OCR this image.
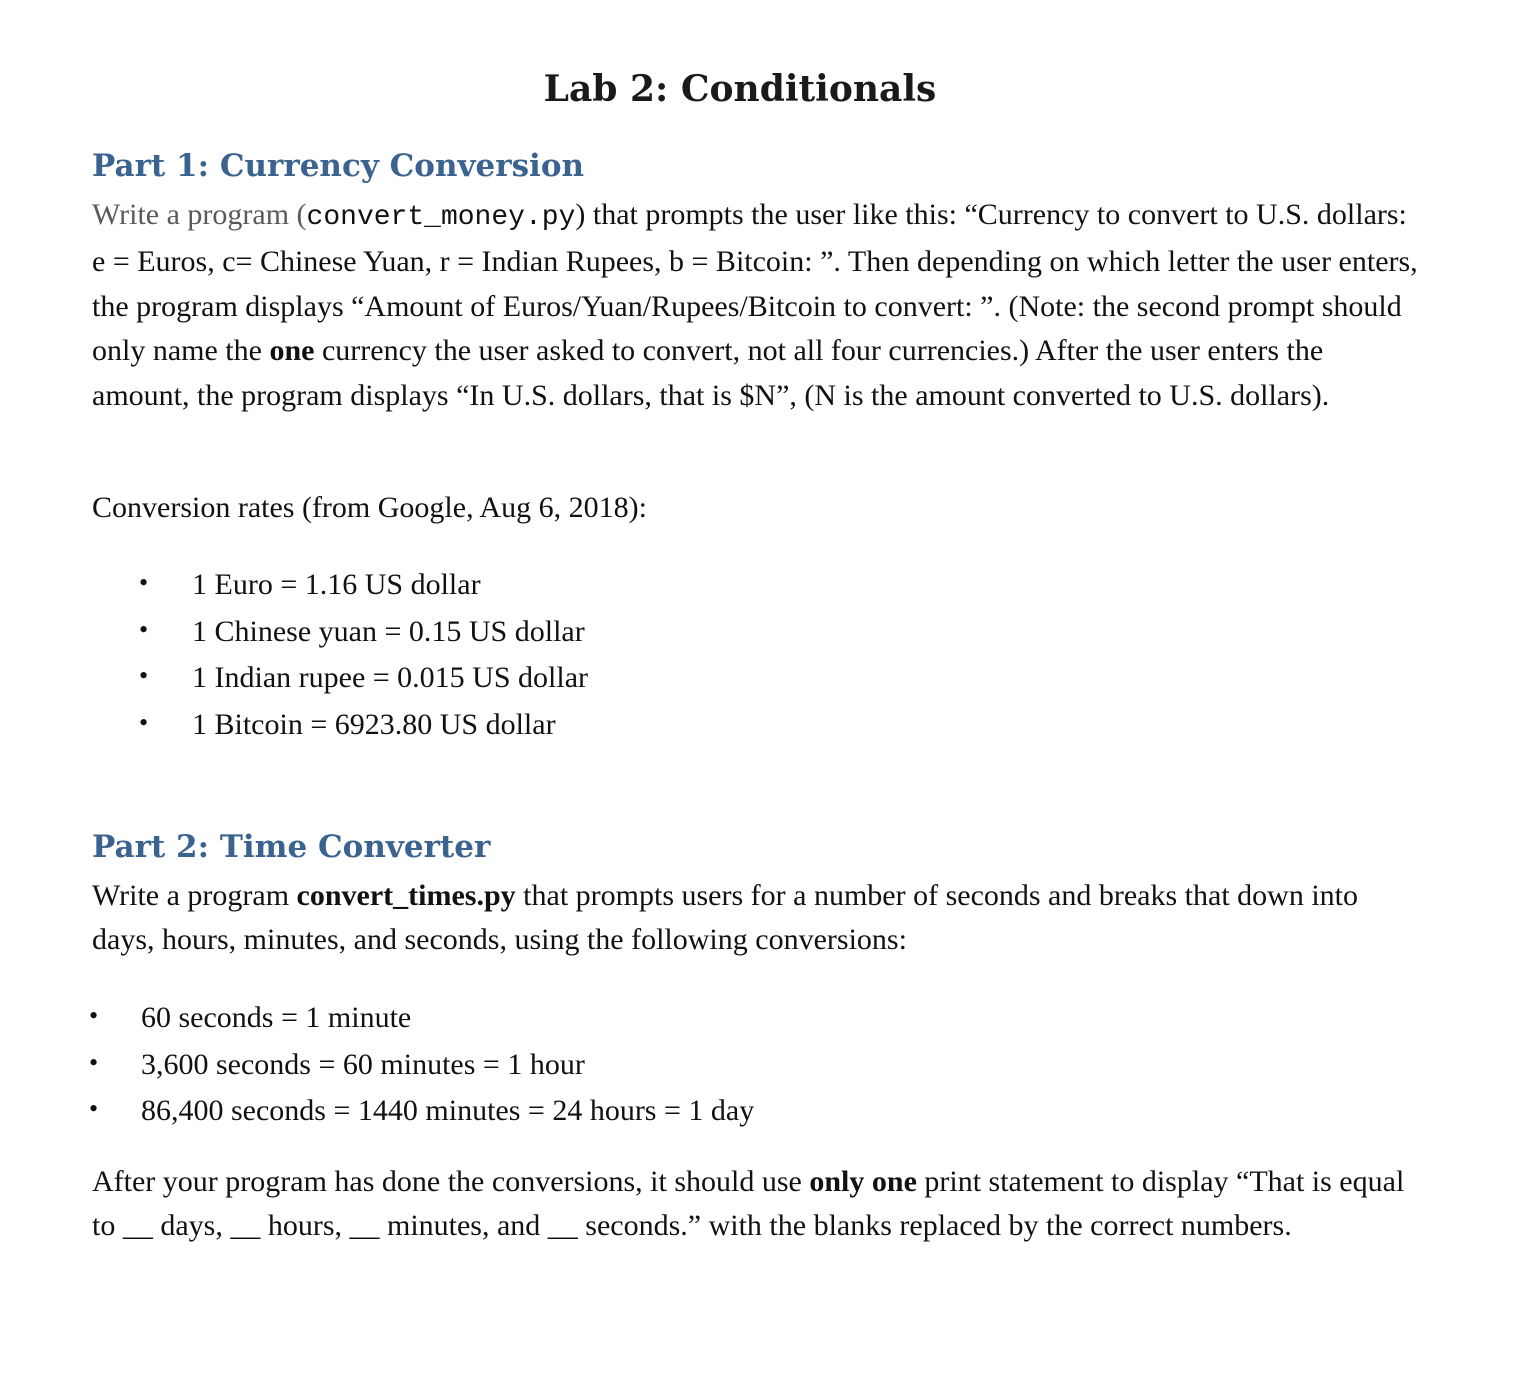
Lab 2: Conditionals
Part 1: Currency Conversion

Write a program (convert_money.py) that prompts the user like this: “Currency to convert to U.S. dollars: e = Euros, c= Chinese Yuan, r = Indian Rupees, b = Bitcoin: ”. Then depending on which letter the user enters, the program displays “Amount of Euros/Yuan/Rupees/Bitcoin to convert: ”. (Note: the second prompt should only name the one currency the user asked to convert, not all four currencies.) After the user enters the amount, the program displays “In U.S. dollars, that is $N”, (N is the amount converted to U.S. dollars).

Conversion rates (from Google, Aug 6, 2018):

• 1 Euro = 1.16 US dollar
• 1 Chinese yuan = 0.15 US dollar
• 1 Indian rupee = 0.015 US dollar
• 1 Bitcoin = 6923.80 US dollar
Part 2: Time Converter

Write a program convert_times.py that prompts users for a number of seconds and breaks that down into days, hours, minutes, and seconds, using the following conversions:

• 60 seconds = 1 minute
• 3,600 seconds = 60 minutes = 1 hour
• 86,400 seconds = 1440 minutes = 24 hours = 1 day

After your program has done the conversions, it should use only one print statement to display “That is equal to __ days, __ hours, __ minutes, and __ seconds.” with the blanks replaced by the correct numbers.
